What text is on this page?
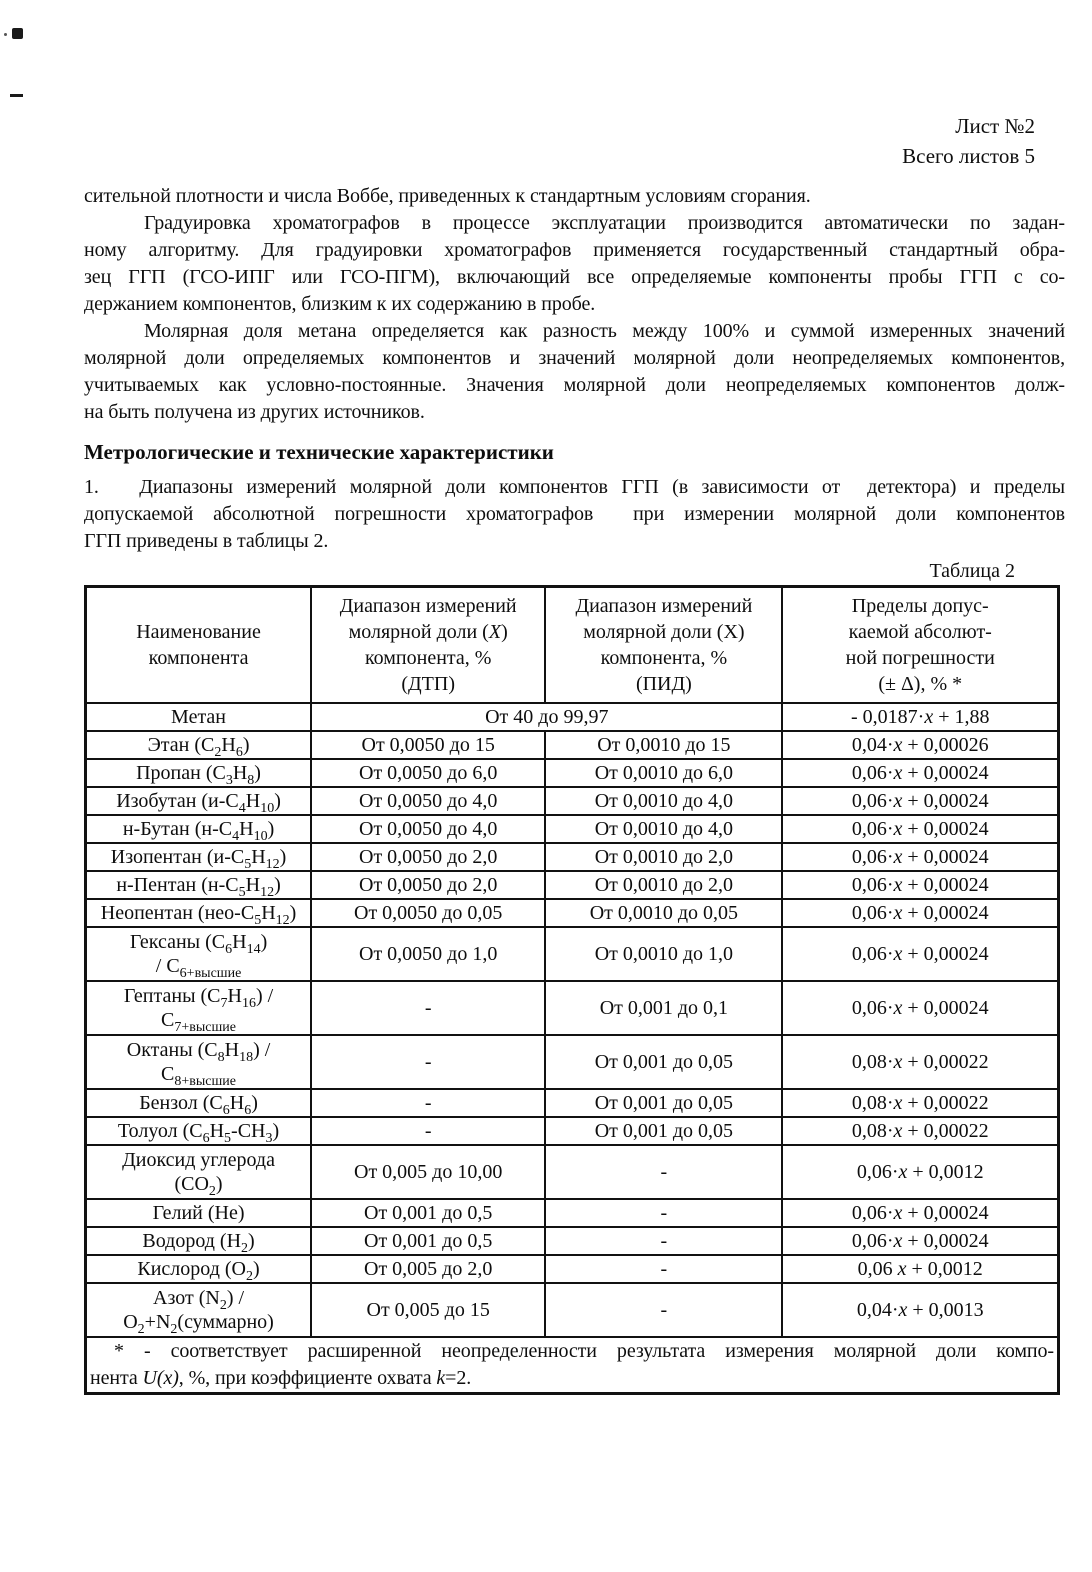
Лист №2
Всего листов 5
сительной плотности и числа Воббе, приведенных к стандартным условиям сгорания.
Градуировка хроматографов в процессе эксплуатации производится автоматически по задан-
ному алгоритму. Для градуировки хроматографов применяется государственный стандартный обра-
зец ГГП (ГСО-ИПГ или ГСО-ПГМ), включающий все определяемые компоненты пробы ГГП с со-
держанием компонентов, близким к их содержанию в пробе.
Молярная доля метана определяется как разность между 100% и суммой измеренных значений
молярной доли определяемых компонентов и значений молярной доли неопределяемых компонентов,
учитываемых как условно-постоянные. Значения молярной доли неопределяемых компонентов долж-
на быть получена из других источников.
Метрологические и технические характеристики
1.   Диапазоны измерений молярной доли компонентов ГГП (в зависимости от  детектора) и пределы
допускаемой абсолютной погрешности хроматографов  при измерении молярной доли компонентов
ГГП приведены в таблицы 2.
Таблица 2
Наименование
компонента	Диапазон измерений
молярной доли (X)
компонента, %
(ДТП)	Диапазон измерений
молярной доли (X)
компонента, %
(ПИД)	Пределы допус-
каемой абсолют-
ной погрешности
(± Δ), % *
Метан	От 40 до 99,97		- 0,0187·x + 1,88
Этан $(C_2H_6)$	От 0,0050 до 15	От 0,0010 до 15	0,04·x + 0,00026
Пропан $(C_3H_8)$	От 0,0050 до 6,0	От 0,0010 до 6,0	0,06·x + 0,00024
Изобутан $(и-C_4H_{10})$	От 0,0050 до 4,0	От 0,0010 до 4,0	0,06·x + 0,00024
н-Бутан $(н-C_4H_{10})$	От 0,0050 до 4,0	От 0,0010 до 4,0	0,06·x + 0,00024
Изопентан $(и-C_5H_{12})$	От 0,0050 до 2,0	От 0,0010 до 2,0	0,06·x + 0,00024
н-Пентан $(н-C_5H_{12})$	От 0,0050 до 2,0	От 0,0010 до 2,0	0,06·x + 0,00024
Неопентан $(нео-C_5H_{12})$	От 0,0050 до 0,05	От 0,0010 до 0,05	0,06·x + 0,00024
Гексаны $(C_6H_{14})$
/ $C_{6+высшие}$	От 0,0050 до 1,0	От 0,0010 до 1,0	0,06·x + 0,00024
Гептаны $(C_7H_{16})$ /
$C_{7+высшие}$	-	От 0,001 до 0,1	0,06·x + 0,00024
Октаны $(C_8H_{18})$ /
$C_{8+высшие}$	-	От 0,001 до 0,05	0,08·x + 0,00022
Бензол $(C_6H_6)$	-	От 0,001 до 0,05	0,08·x + 0,00022
Толуол $(C_6H_5-CH_3)$	-	От 0,001 до 0,05	0,08·x + 0,00022
Диоксид углерода
$(CO_2)$	От 0,005 до 10,00	-	0,06·x + 0,0012
Гелий (He)	От 0,001 до 0,5	-	0,06·x + 0,00024
Водород $(H_2)$	От 0,001 до 0,5	-	0,06·x + 0,00024
Кислород $(O_2)$	От 0,005 до 2,0	-	0,06 x + 0,0012
Азот $(N_2)$ /
$O_2+N_2(суммарно)$	От 0,005 до 15	-	0,04·x + 0,0013

* - соответствует расширенной неопределенности результата измерения молярной доли компо-
нента U(x), %, при коэффициенте охвата k=2.			
